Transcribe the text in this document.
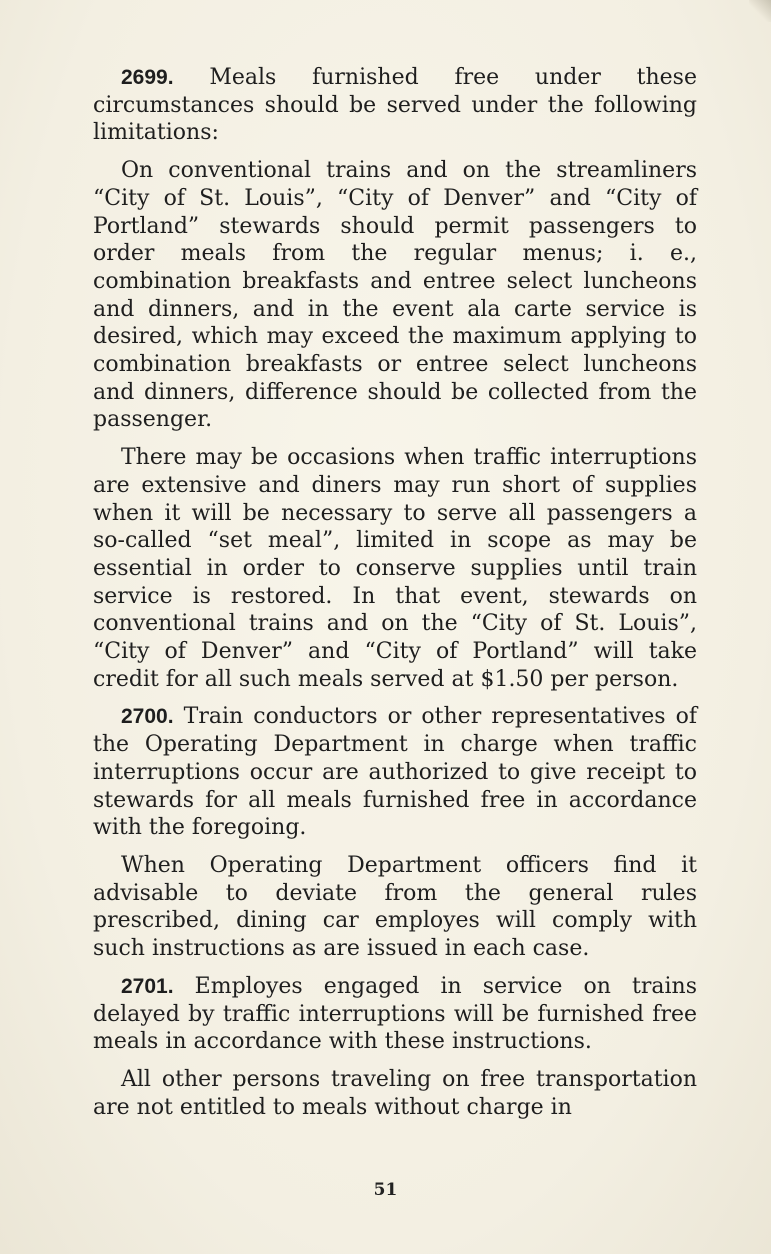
2699. Meals furnished free under these circumstances should be served under the following limitations:

On conventional trains and on the streamliners “City of St. Louis”, “City of Denver” and “City of Portland” stewards should permit passengers to order meals from the regular menus; i. e., combination breakfasts and entree select luncheons and dinners, and in the event ala carte service is desired, which may exceed the maximum applying to combination breakfasts or entree select luncheons and dinners, difference should be collected from the passenger.

There may be occasions when traffic interruptions are extensive and diners may run short of supplies when it will be necessary to serve all passengers a so-called “set meal”, limited in scope as may be essential in order to conserve supplies until train service is restored. In that event, stewards on conventional trains and on the “City of St. Louis”, “City of Denver” and “City of Portland” will take credit for all such meals served at $1.50 per person.

2700. Train conductors or other representatives of the Operating Department in charge when traffic interruptions occur are authorized to give receipt to stewards for all meals furnished free in accordance with the foregoing.

When Operating Department officers find it advisable to deviate from the general rules prescribed, dining car employes will comply with such instructions as are issued in each case.

2701. Employes engaged in service on trains delayed by traffic interruptions will be furnished free meals in accordance with these instructions.

All other persons traveling on free transportation are not entitled to meals without charge in

51
